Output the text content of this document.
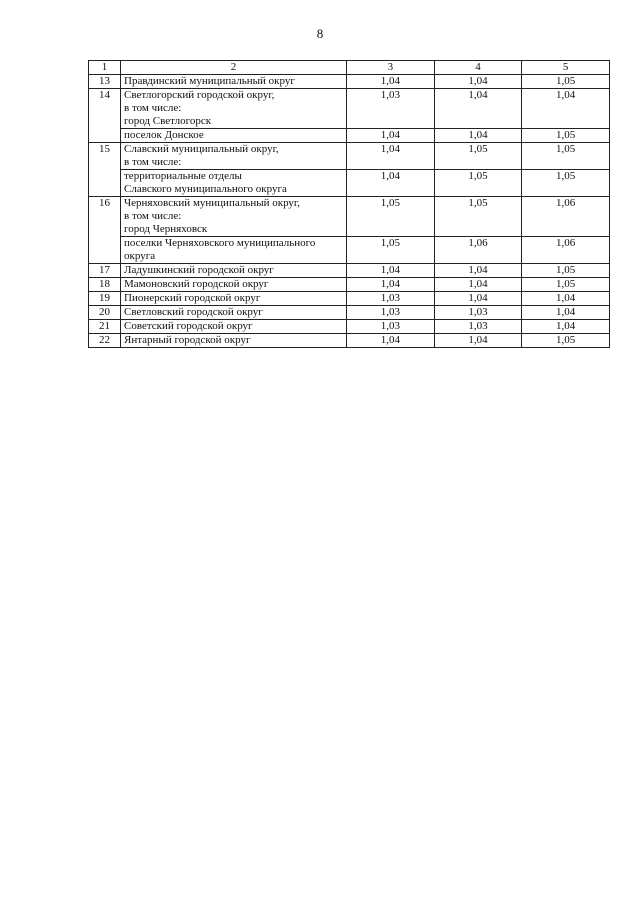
8
1	2	3	4	5
13	Правдинский муниципальный округ	1,04	1,04	1,05
14	Светлогорский городской округ,
в том числе:
город Светлогорск	1,03	1,04	1,04

	поселок Донское	1,04	1,04	1,05
15	Славский муниципальный округ,
в том числе:	1,04	1,05	1,05

	территориальные отделы
Славского муниципального округа	1,04	1,05	1,05
16	Черняховский муниципальный округ,
в том числе:
город Черняховск	1,05	1,05	1,06

	поселки Черняховского муниципального
округа	1,05	1,06	1,06
17	Ладушкинский городской округ	1,04	1,04	1,05
18	Мамоновский городской округ	1,04	1,04	1,05
19	Пионерский городской округ	1,03	1,04	1,04
20	Светловский городской округ	1,03	1,03	1,04
21	Советский городской округ	1,03	1,03	1,04
22	Янтарный городской округ	1,04	1,04	1,05
